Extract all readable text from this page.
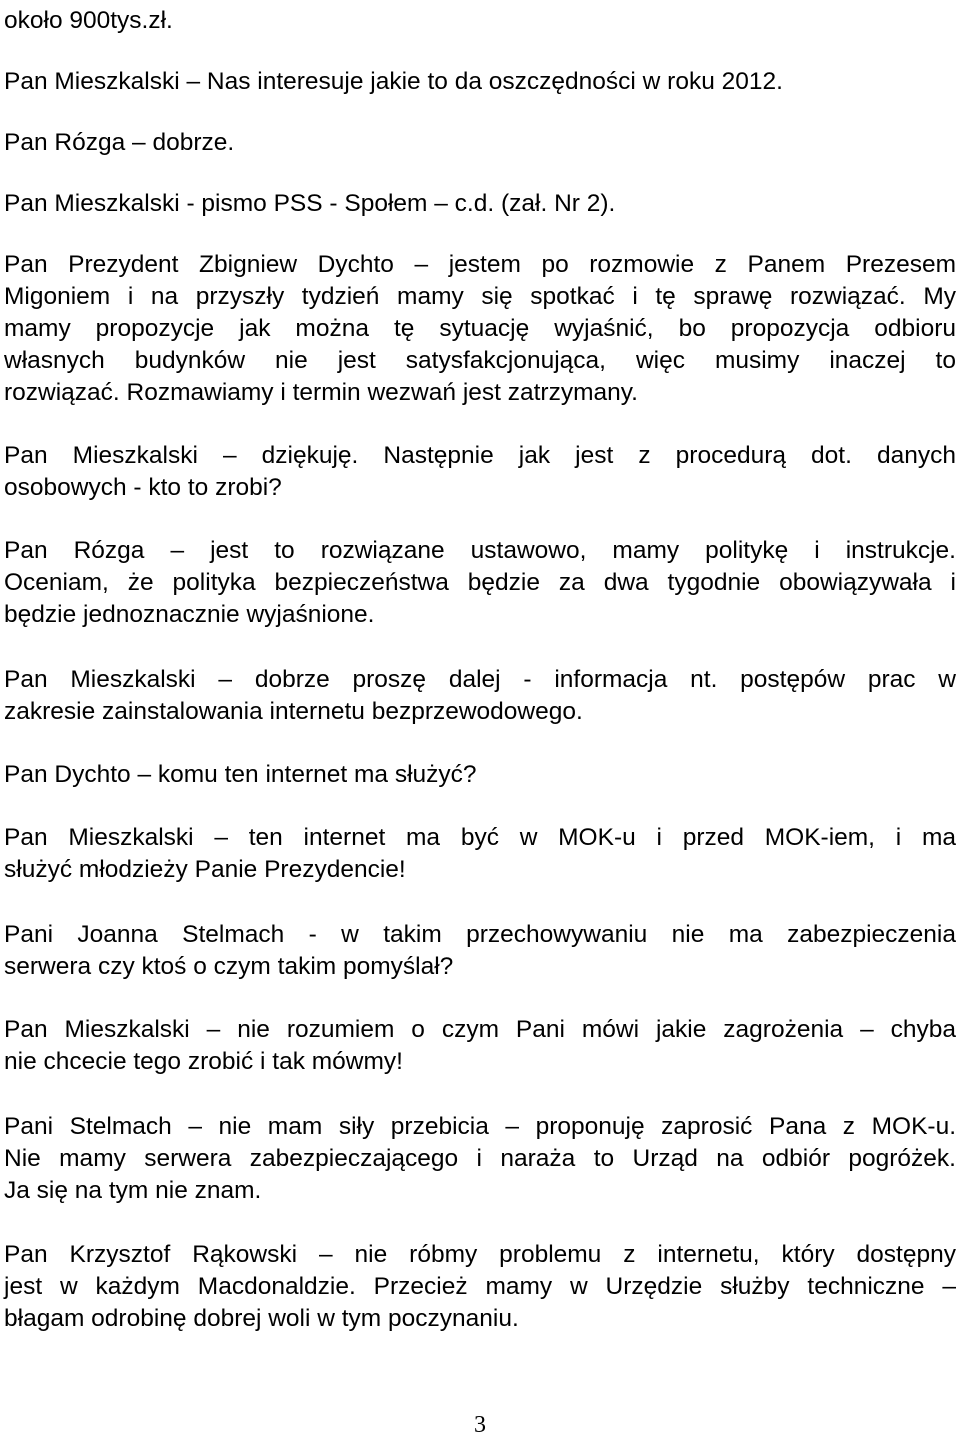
około 900tys.zł.
Pan Mieszkalski – Nas interesuje jakie to da oszczędności w roku 2012.
Pan Rózga – dobrze.
Pan Mieszkalski - pismo PSS - Społem – c.d. (zał. Nr 2).
Pan Prezydent Zbigniew Dychto – jestem po rozmowie z Panem Prezesem
Migoniem i na przyszły tydzień mamy się spotkać i tę sprawę rozwiązać. My
mamy propozycje jak można tę sytuację wyjaśnić, bo propozycja odbioru
własnych budynków nie jest satysfakcjonująca, więc musimy inaczej to
rozwiązać. Rozmawiamy i termin wezwań jest zatrzymany.
Pan Mieszkalski – dziękuję. Następnie jak jest z procedurą dot. danych
osobowych - kto to zrobi?
Pan Rózga – jest to rozwiązane ustawowo, mamy politykę i instrukcje.
Oceniam, że polityka bezpieczeństwa będzie za dwa tygodnie obowiązywała i
będzie jednoznacznie wyjaśnione.
Pan Mieszkalski – dobrze proszę dalej - informacja nt. postępów prac w
zakresie zainstalowania internetu bezprzewodowego.
Pan Dychto – komu ten internet ma służyć?
Pan Mieszkalski – ten internet ma być w MOK-u i przed MOK-iem, i ma
służyć młodzieży Panie Prezydencie!
Pani Joanna Stelmach - w takim przechowywaniu nie ma zabezpieczenia
serwera czy ktoś o czym takim pomyślał?
Pan Mieszkalski – nie rozumiem o czym Pani mówi jakie zagrożenia – chyba
nie chcecie tego zrobić i tak mówmy!
Pani Stelmach – nie mam siły przebicia – proponuję zaprosić Pana z MOK-u.
Nie mamy serwera zabezpieczającego i naraża to Urząd na odbiór pogróżek.
Ja się na tym nie znam.
Pan Krzysztof Rąkowski – nie róbmy problemu z internetu, który dostępny
jest w każdym Macdonaldzie. Przecież mamy w Urzędzie służby techniczne –
błagam odrobinę dobrej woli w tym poczynaniu.
3
